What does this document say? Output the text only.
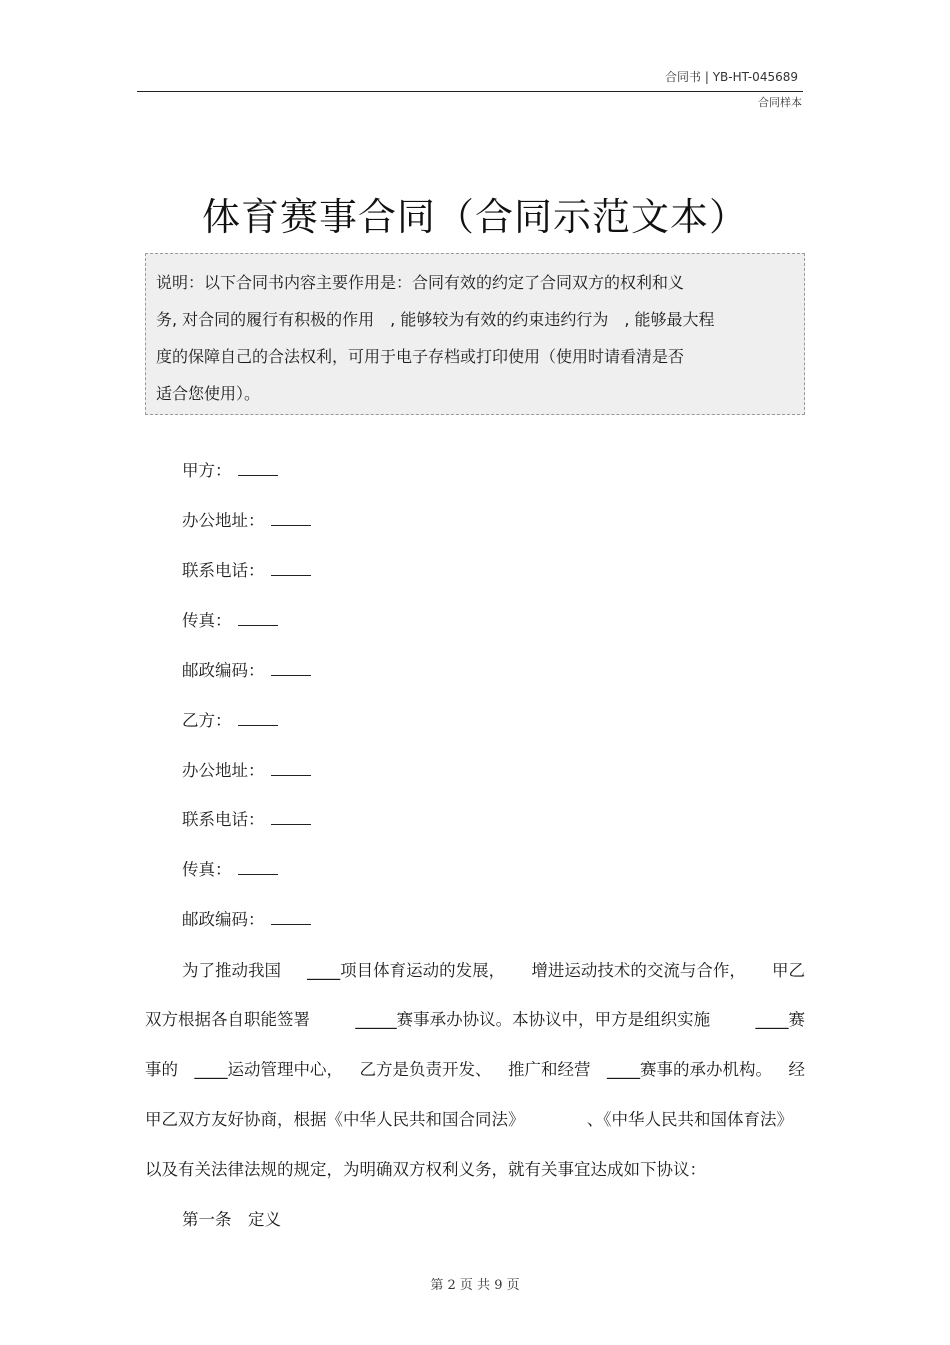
合同书 | YB-HT-045689
合同样本
体育赛事合同（合同示范文本）
说明：以下合同书内容主要作用是：合同有效的约定了合同双方的权利和义
务, 对合同的履行有积极的作用　, 能够较为有效的约束违约行为　, 能够最大程
度的保障自己的合法权利，可用于电子存档或打印使用（使用时请看清是否
适合您使用）。
甲方：
办公地址：
联系电话：
传真：
邮政编码：
乙方：
办公地址：
联系电话：
传真：
邮政编码：
为了推动我国 ____项目体育运动的发展， 增进运动技术的交流与合作， 甲乙
双方根据各自职能签署	_____赛事承办协议。本协议中，甲方是组织实施	____赛
事的 ____运动管理中心， 乙方是负责开发、 推广和经营 ____赛事的承办机构。 经
甲乙双方友好协商，根据《中华人民共和国合同法》	、《中华人民共和国体育法》
以及有关法律法规的规定，为明确双方权利义务，就有关事宜达成如下协议：
第一条　定义
第 2 页 共 9 页
